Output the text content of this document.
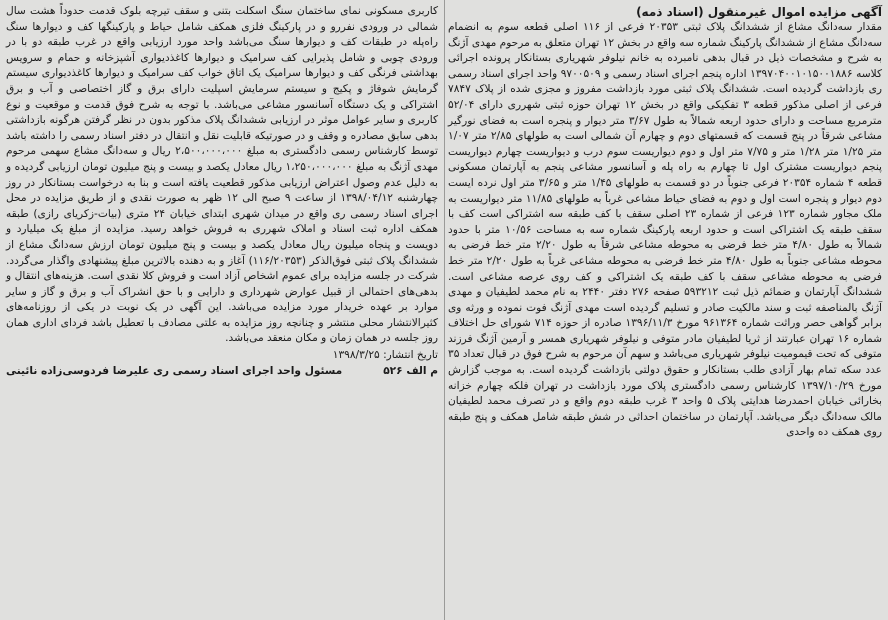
آگهی مزایده اموال غیرمنقول (اسناد ذمه)

مقدار سه‌دانگ مشاع از ششدانگ پلاک ثبتی ۲۰۳۵۳ فرعی از ۱۱۶ اصلی قطعه سوم به انضمام سه‌دانگ مشاع از ششدانگ پارکینگ شماره سه واقع در بخش ۱۲ تهران متعلق به مرحوم مهدی آژنگ به شرح و مشخصات ذیل در قبال بدهی نامبرده به خانم نیلوفر شهریاری بستانکار پرونده اجرائی کلاسه ۱۳۹۷۰۴۰۰۱۰۱۵۰۰۱۸۸۶ اداره پنجم اجرای اسناد رسمی و ۹۷۰۰۵۰۹ واحد اجرای اسناد رسمی ری بازداشت گردیده است. ششدانگ پلاک ثبتی مورد بازداشت مفروز و مجزی شده از پلاک ۷۸۴۷ فرعی از اصلی مذکور قطعه ۳ تفکیکی واقع در بخش ۱۲ تهران حوزه ثبتی شهرری دارای ۵۲/۰۴ مترمربع مساحت و دارای حدود اربعه شمالاً به طول ۳/۶۷ متر دیوار و پنجره است به فضای نورگیر مشاعی شرقاً در پنج قسمت که قسمتهای دوم و چهارم آن شمالی است به طولهای ۲/۸۵ متر ۱/۰۷ متر ۱/۲۵ متر ۱/۲۸ متر و ۷/۷۵ متر اول و دوم دیواریست سوم درب و دیواریست چهارم دیواریست پنجم دیواریست مشترک اول تا چهارم به راه پله و آسانسور مشاعی پنجم به آپارتمان مسکونی قطعه ۴ شماره ۲۰۳۵۴ فرعی جنوباً در دو قسمت به طولهای ۱/۴۵ متر و ۳/۶۵ متر اول نرده ایست دوم دیوار و پنجره است اول و دوم به فضای حیاط مشاعی غرباً به طولهای ۱۱/۸۵ متر دیواریست به ملک مجاور شماره ۱۲۳ فرعی از شماره ۲۳ اصلی سقف با کف طبقه سه اشتراکی است کف با سقف طبقه یک اشتراکی است و حدود اربعه پارکینگ شماره سه به مساحت ۱۰/۵۶ متر با حدود شمالاً به طول ۴/۸۰ متر خط فرضی به محوطه مشاعی شرقاً به طول ۲/۲۰ متر خط فرضی به محوطه مشاعی جنوباً به طول ۴/۸۰ متر خط فرضی به محوطه مشاعی غرباً به طول ۲/۲۰ متر خط فرضی به محوطه مشاعی سقف با کف طبقه یک اشتراکی و کف روی عرصه مشاعی است. ششدانگ آپارتمان و ضمائم ذیل ثبت ۵۹۳۲۱۲ صفحه ۲۷۶ دفتر ۲۴۴۰ به نام محمد لطیفیان و مهدی آژنگ بالمناصفه ثبت و سند مالکیت صادر و تسلیم گردیده است مهدی آژنگ فوت نموده و ورثه وی برابر گواهی حصر وراثت شماره ۹۶۱۳۶۴ مورخ ۱۳۹۶/۱۱/۳ صادره از حوزه ۷۱۴ شورای حل اختلاف شماره ۱۶ تهران عبارتند از ثریا لطیفیان مادر متوفی و نیلوفر شهریاری همسر و آرمین آژنگ فرزند متوفی که تحت قیمومیت نیلوفر شهریاری می‌باشد و سهم آن مرحوم به شرح فوق در قبال تعداد ۳۵ عدد سکه تمام بهار آزادی طلب بستانکار و حقوق دولتی بازداشت گردیده است. به موجب گزارش مورخ ۱۳۹۷/۱۰/۲۹ کارشناس رسمی دادگستری پلاک مورد بازداشت در تهران فلکه چهارم خزانه بخارائی خیابان احمدرضا هدایتی پلاک ۵ واحد ۳ غرب طبقه دوم واقع و در تصرف محمد لطیفیان مالک سه‌دانگ دیگر می‌باشد. آپارتمان در ساختمان احداثی در شش طبقه شامل همکف و پنج طبقه روی همکف ده واحدی

کاربری مسکونی نمای ساختمان سنگ اسکلت بتنی و سقف تیرچه بلوک قدمت حدوداً هشت سال شمالی در ورودی نفررو و در پارکینگ فلزی همکف شامل حیاط و پارکینگها کف و دیوارها سنگ راه‌پله در طبقات کف و دیوارها سنگ می‌باشد واحد مورد ارزیابی واقع در غرب طبقه دو با در ورودی چوبی و شامل پذیرایی کف سرامیک و دیوارها کاغذدیواری آشپزخانه و حمام و سرویس بهداشتی فرنگی کف و دیوارها سرامیک یک اتاق خواب کف سرامیک و دیوارها کاغذدیواری سیستم گرمایش شوفاژ و پکیج و سیستم سرمایش اسپلیت دارای برق و گاز اختصاصی و آب و برق اشتراکی و یک دستگاه آسانسور مشاعی می‌باشد. با توجه به شرح فوق قدمت و موقعیت و نوع کاربری و سایر عوامل موثر در ارزیابی ششدانگ پلاک مذکور بدون در نظر گرفتن هرگونه بازداشتی بدهی سابق مصادره و وقف و در صورتیکه قابلیت نقل و انتقال در دفتر اسناد رسمی را داشته باشد توسط کارشناس رسمی دادگستری به مبلغ ۲،۵۰۰،۰۰۰،۰۰۰ ریال و سه‌دانگ مشاع سهمی مرحوم مهدی آژنگ به مبلغ ۱،۲۵۰،۰۰۰،۰۰۰ ریال معادل یکصد و بیست و پنج میلیون تومان ارزیابی گردیده و به دلیل عدم وصول اعتراض ارزیابی مذکور قطعیت یافته است و بنا به درخواست بستانکار در روز چهارشنبه ۱۳۹۸/۰۴/۱۲ از ساعت ۹ صبح الی ۱۲ ظهر به صورت نقدی و از طریق مزایده در محل اجرای اسناد رسمی ری واقع در میدان شهری ابتدای خیابان ۲۴ متری (بیات-زکریای رازی) طبقه همکف اداره ثبت اسناد و املاک شهرری به فروش خواهد رسید. مزایده از مبلغ یک میلیارد و دویست و پنجاه میلیون ریال معادل یکصد و بیست و پنج میلیون تومان ارزش سه‌دانگ مشاع از ششدانگ پلاک ثبتی فوق‌الذکر (۱۱۶/۲۰۳۵۳) آغاز و به دهنده بالاترین مبلغ پیشنهادی واگذار می‌گردد. شرکت در جلسه مزایده برای عموم اشخاص آزاد است و فروش کلا نقدی است. هزینه‌های انتقال و بدهی‌های احتمالی از قبیل عوارض شهرداری و دارایی و با حق انشراک آب و برق و گاز و سایر موارد بر عهده خریدار مورد مزایده می‌باشد. این آگهی در یک نوبت در یکی از روزنامه‌های کثیرالانتشار محلی منتشر و چنانچه روز مزایده به علتی مصادف با تعطیل باشد فردای اداری همان روز جلسه در همان زمان و مکان منعقد می‌باشد.

تاریخ انتشار: ۱۳۹۸/۳/۲۵
م الف ۵۲۶
مسئول واحد اجرای اسناد رسمی ری علیرضا فردوسی‌زاده نائینی
